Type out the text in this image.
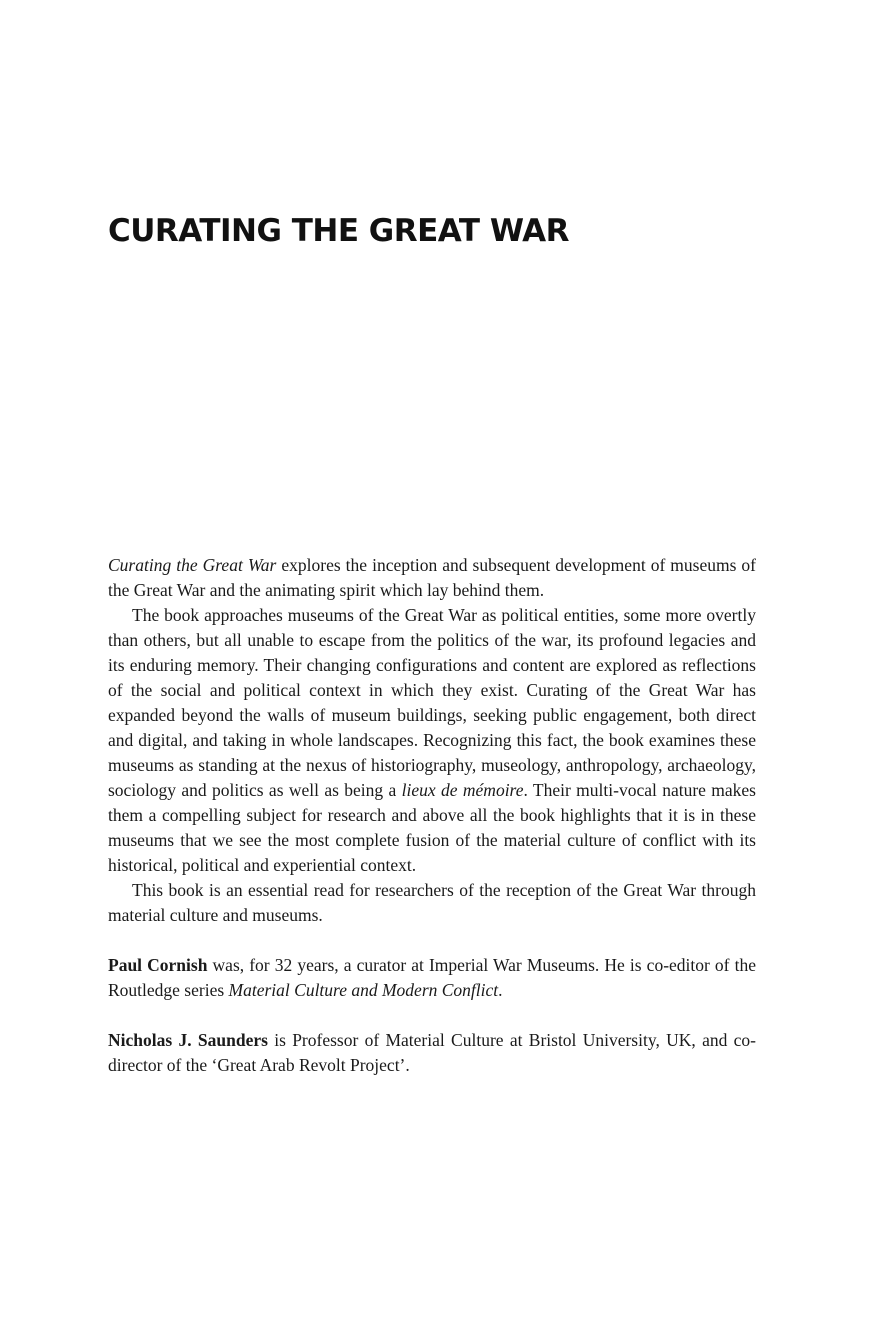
CURATING THE GREAT WAR

Curating the Great War explores the inception and subsequent development of museums of the Great War and the animating spirit which lay behind them.

The book approaches museums of the Great War as political entities, some more overtly than others, but all unable to escape from the politics of the war, its profound legacies and its enduring memory. Their changing configurations and content are explored as reflections of the social and political context in which they exist. Curating of the Great War has expanded beyond the walls of museum buildings, seeking public engagement, both direct and digital, and taking in whole landscapes. Recognizing this fact, the book examines these museums as standing at the nexus of historiography, museology, anthropology, archaeology, sociology and politics as well as being a lieux de mémoire. Their multi-vocal nature makes them a compelling subject for research and above all the book highlights that it is in these museums that we see the most complete fusion of the material culture of conflict with its historical, political and experiential context.

This book is an essential read for researchers of the reception of the Great War through material culture and museums.

Paul Cornish was, for 32 years, a curator at Imperial War Museums. He is co-editor of the Routledge series Material Culture and Modern Conflict.

Nicholas J. Saunders is Professor of Material Culture at Bristol University, UK, and co-director of the ‘Great Arab Revolt Project’.
